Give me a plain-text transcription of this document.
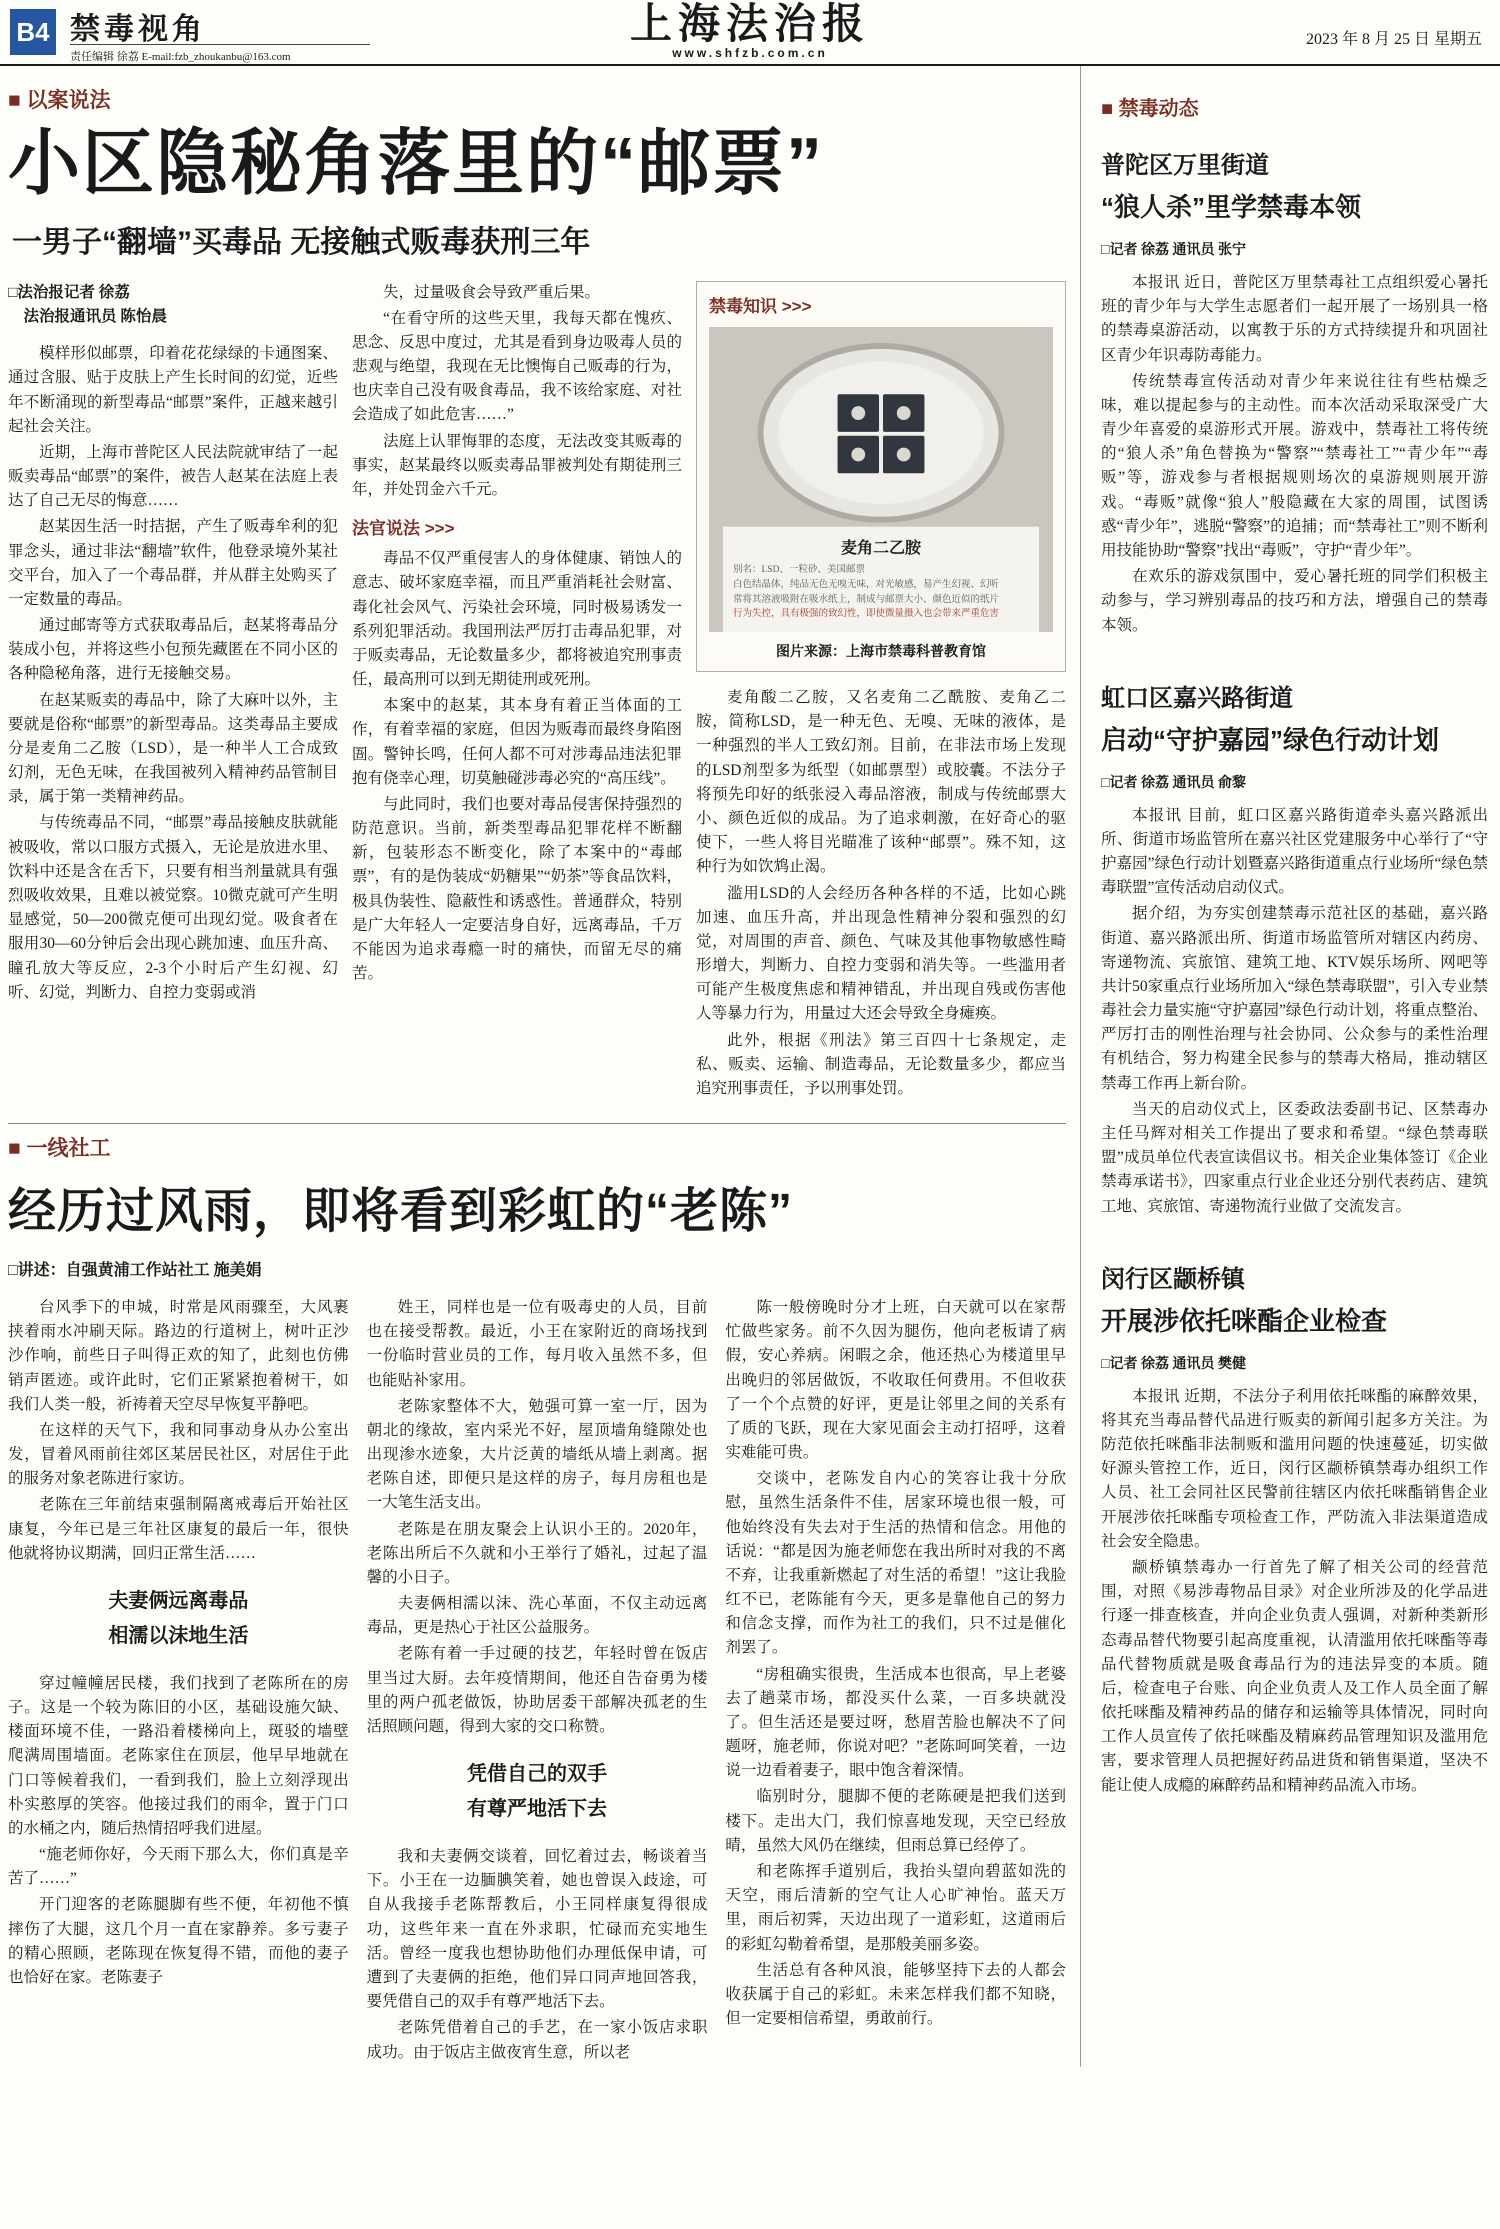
B4 禁毒视角
责任编辑 徐荔 E-mail:fzb_zhoukanbu@163.com
上海法治报
www.shfzb.com.cn
2023 年 8 月 25 日 星期五
■ 以案说法
小区隐秘角落里的“邮票”
一男子“翻墙”买毒品 无接触式贩毒获刑三年
□法治报记者 徐荔
　法治报通讯员 陈怡晨

模样形似邮票，印着花花绿绿的卡通图案、通过含服、贴于皮肤上产生长时间的幻觉，近些年不断涌现的新型毒品“邮票”案件，正越来越引起社会关注。

近期，上海市普陀区人民法院就审结了一起贩卖毒品“邮票”的案件，被告人赵某在法庭上表达了自己无尽的悔意……

赵某因生活一时拮据，产生了贩毒牟利的犯罪念头，通过非法“翻墙”软件，他登录境外某社交平台，加入了一个毒品群，并从群主处购买了一定数量的毒品。

通过邮寄等方式获取毒品后，赵某将毒品分装成小包，并将这些小包预先藏匿在不同小区的各种隐秘角落，进行无接触交易。

在赵某贩卖的毒品中，除了大麻叶以外，主要就是俗称“邮票”的新型毒品。这类毒品主要成分是麦角二乙胺（LSD），是一种半人工合成致幻剂，无色无味，在我国被列入精神药品管制目录，属于第一类精神药品。

与传统毒品不同，“邮票”毒品接触皮肤就能被吸收，常以口服方式摄入，无论是放进水里、饮料中还是含在舌下，只要有相当剂量就具有强烈吸收效果，且难以被觉察。10微克就可产生明显感觉，50—200微克便可出现幻觉。吸食者在服用30—60分钟后会出现心跳加速、血压升高、瞳孔放大等反应，2-3个小时后产生幻视、幻听、幻觉，判断力、自控力变弱或消

失，过量吸食会导致严重后果。

“在看守所的这些天里，我每天都在愧疚、思念、反思中度过，尤其是看到身边吸毒人员的悲观与绝望，我现在无比懊悔自己贩毒的行为，也庆幸自己没有吸食毒品，我不该给家庭、对社会造成了如此危害……”

法庭上认罪悔罪的态度，无法改变其贩毒的事实，赵某最终以贩卖毒品罪被判处有期徒刑三年，并处罚金六千元。

法官说法 >>>

毒品不仅严重侵害人的身体健康、销蚀人的意志、破坏家庭幸福，而且严重消耗社会财富、毒化社会风气、污染社会环境，同时极易诱发一系列犯罪活动。我国刑法严厉打击毒品犯罪，对于贩卖毒品，无论数量多少，都将被追究刑事责任，最高刑可以到无期徒刑或死刑。

本案中的赵某，其本身有着正当体面的工作，有着幸福的家庭，但因为贩毒而最终身陷囹圄。警钟长鸣，任何人都不可对涉毒品违法犯罪抱有侥幸心理，切莫触碰涉毒必究的“高压线”。

与此同时，我们也要对毒品侵害保持强烈的防范意识。当前，新类型毒品犯罪花样不断翻新，包装形态不断变化，除了本案中的“毒邮票”，有的是伪装成“奶糖果”“奶茶”等食品饮料，极具伪装性、隐蔽性和诱惑性。普通群众，特别是广大年轻人一定要洁身自好，远离毒品，千万不能因为追求毒瘾一时的痛快，而留无尽的痛苦。

禁毒知识 >>>
麦角二乙胺
别名：LSD、一粒砂、美国邮票
白色结晶体，纯品无色无嗅无味，对光敏感，易产生幻视、幻听
常将其溶液吸附在吸水纸上，制成与邮票大小、颜色近似的纸片
行为失控，具有极强的致幻性，即使微量摄入也会带来严重危害
图片来源：上海市禁毒科普教育馆

麦角酸二乙胺，又名麦角二乙酰胺、麦角乙二胺，简称LSD，是一种无色、无嗅、无味的液体，是一种强烈的半人工致幻剂。目前，在非法市场上发现的LSD剂型多为纸型（如邮票型）或胶囊。不法分子将预先印好的纸张浸入毒品溶液，制成与传统邮票大小、颜色近似的成品。为了追求刺激，在好奇心的驱使下，一些人将目光瞄准了该种“邮票”。殊不知，这种行为如饮鸩止渴。

滥用LSD的人会经历各种各样的不适，比如心跳加速、血压升高，并出现急性精神分裂和强烈的幻觉，对周围的声音、颜色、气味及其他事物敏感性畸形增大，判断力、自控力变弱和消失等。一些滥用者可能产生极度焦虑和精神错乱，并出现自残或伤害他人等暴力行为，用量过大还会导致全身瘫痪。

此外，根据《刑法》第三百四十七条规定，走私、贩卖、运输、制造毒品，无论数量多少，都应当追究刑事责任，予以刑事处罚。

■ 一线社工
经历过风雨，即将看到彩虹的“老陈”
□讲述：自强黄浦工作站社工 施美娟

台风季下的申城，时常是风雨骤至，大风裹挟着雨水冲刷天际。路边的行道树上，树叶正沙沙作响，前些日子叫得正欢的知了，此刻也仿佛销声匿迹。或许此时，它们正紧紧抱着树干，如我们人类一般，祈祷着天空尽早恢复平静吧。

在这样的天气下，我和同事动身从办公室出发，冒着风雨前往郊区某居民社区，对居住于此的服务对象老陈进行家访。

老陈在三年前结束强制隔离戒毒后开始社区康复，今年已是三年社区康复的最后一年，很快他就将协议期满，回归正常生活……

夫妻俩远离毒品
相濡以沫地生活

穿过幢幢居民楼，我们找到了老陈所在的房子。这是一个较为陈旧的小区，基础设施欠缺、楼面环境不佳，一路沿着楼梯向上，斑驳的墙壁爬满周围墙面。老陈家住在顶层，他早早地就在门口等候着我们，一看到我们，脸上立刻浮现出朴实憨厚的笑容。他接过我们的雨伞，置于门口的水桶之内，随后热情招呼我们进屋。

“施老师你好，今天雨下那么大，你们真是辛苦了……”

开门迎客的老陈腿脚有些不便，年初他不慎摔伤了大腿，这几个月一直在家静养。多亏妻子的精心照顾，老陈现在恢复得不错，而他的妻子也恰好在家。老陈妻子

姓王，同样也是一位有吸毒史的人员，目前也在接受帮教。最近，小王在家附近的商场找到一份临时营业员的工作，每月收入虽然不多，但也能贴补家用。

老陈家整体不大，勉强可算一室一厅，因为朝北的缘故，室内采光不好，屋顶墙角缝隙处也出现渗水迹象，大片泛黄的墙纸从墙上剥离。据老陈自述，即便只是这样的房子，每月房租也是一大笔生活支出。

老陈是在朋友聚会上认识小王的。2020年，老陈出所后不久就和小王举行了婚礼，过起了温馨的小日子。

夫妻俩相濡以沫、洗心革面，不仅主动远离毒品，更是热心于社区公益服务。

老陈有着一手过硬的技艺，年轻时曾在饭店里当过大厨。去年疫情期间，他还自告奋勇为楼里的两户孤老做饭，协助居委干部解决孤老的生活照顾问题，得到大家的交口称赞。

凭借自己的双手
有尊严地活下去

我和夫妻俩交谈着，回忆着过去，畅谈着当下。小王在一边腼腆笑着，她也曾误入歧途，可自从我接手老陈帮教后，小王同样康复得很成功，这些年来一直在外求职，忙碌而充实地生活。曾经一度我也想协助他们办理低保申请，可遭到了夫妻俩的拒绝，他们异口同声地回答我，要凭借自己的双手有尊严地活下去。

老陈凭借着自己的手艺，在一家小饭店求职成功。由于饭店主做夜宵生意，所以老

陈一般傍晚时分才上班，白天就可以在家帮忙做些家务。前不久因为腿伤，他向老板请了病假，安心养病。闲暇之余，他还热心为楼道里早出晚归的邻居做饭，不收取任何费用。不但收获了一个个点赞的好评，更是让邻里之间的关系有了质的飞跃，现在大家见面会主动打招呼，这着实难能可贵。

交谈中，老陈发自内心的笑容让我十分欣慰，虽然生活条件不佳，居家环境也很一般，可他始终没有失去对于生活的热情和信念。用他的话说：“都是因为施老师您在我出所时对我的不离不弃，让我重新燃起了对生活的希望！”这让我脸红不已，老陈能有今天，更多是靠他自己的努力和信念支撑，而作为社工的我们，只不过是催化剂罢了。

“房租确实很贵，生活成本也很高，早上老婆去了趟菜市场，都没买什么菜，一百多块就没了。但生活还是要过呀，愁眉苦脸也解决不了问题呀，施老师，你说对吧？”老陈呵呵笑着，一边说一边看着妻子，眼中饱含着深情。

临别时分，腿脚不便的老陈硬是把我们送到楼下。走出大门，我们惊喜地发现，天空已经放晴，虽然大风仍在继续，但雨总算已经停了。

和老陈挥手道别后，我抬头望向碧蓝如洗的天空，雨后清新的空气让人心旷神怡。蓝天万里，雨后初霁，天边出现了一道彩虹，这道雨后的彩虹勾勒着希望，是那般美丽多姿。

生活总有各种风浪，能够坚持下去的人都会收获属于自己的彩虹。未来怎样我们都不知晓，但一定要相信希望，勇敢前行。

■ 禁毒动态
普陀区万里街道
“狼人杀”里学禁毒本领
□记者 徐荔 通讯员 张宁

本报讯 近日，普陀区万里禁毒社工点组织爱心暑托班的青少年与大学生志愿者们一起开展了一场别具一格的禁毒桌游活动，以寓教于乐的方式持续提升和巩固社区青少年识毒防毒能力。

传统禁毒宣传活动对青少年来说往往有些枯燥乏味，难以提起参与的主动性。而本次活动采取深受广大青少年喜爱的桌游形式开展。游戏中，禁毒社工将传统的“狼人杀”角色替换为“警察”“禁毒社工”“青少年”“毒贩”等，游戏参与者根据规则场次的桌游规则展开游戏。“毒贩”就像“狼人”般隐藏在大家的周围，试图诱惑“青少年”，逃脱“警察”的追捕；而“禁毒社工”则不断利用技能协助“警察”找出“毒贩”，守护“青少年”。

在欢乐的游戏氛围中，爱心暑托班的同学们积极主动参与，学习辨别毒品的技巧和方法，增强自己的禁毒本领。

虹口区嘉兴路街道
启动“守护嘉园”绿色行动计划
□记者 徐荔 通讯员 俞黎

本报讯 目前，虹口区嘉兴路街道牵头嘉兴路派出所、街道市场监管所在嘉兴社区党建服务中心举行了“守护嘉园”绿色行动计划暨嘉兴路街道重点行业场所“绿色禁毒联盟”宣传活动启动仪式。

据介绍，为夯实创建禁毒示范社区的基础，嘉兴路街道、嘉兴路派出所、街道市场监管所对辖区内药房、寄递物流、宾旅馆、建筑工地、KTV娱乐场所、网吧等共计50家重点行业场所加入“绿色禁毒联盟”，引入专业禁毒社会力量实施“守护嘉园”绿色行动计划，将重点整治、严厉打击的刚性治理与社会协同、公众参与的柔性治理有机结合，努力构建全民参与的禁毒大格局，推动辖区禁毒工作再上新台阶。

当天的启动仪式上，区委政法委副书记、区禁毒办主任马辉对相关工作提出了要求和希望。“绿色禁毒联盟”成员单位代表宣读倡议书。相关企业集体签订《企业禁毒承诺书》，四家重点行业企业还分别代表药店、建筑工地、宾旅馆、寄递物流行业做了交流发言。

闵行区颛桥镇
开展涉依托咪酯企业检查
□记者 徐荔 通讯员 樊健

本报讯 近期，不法分子利用依托咪酯的麻醉效果，将其充当毒品替代品进行贩卖的新闻引起多方关注。为防范依托咪酯非法制贩和滥用问题的快速蔓延，切实做好源头管控工作，近日，闵行区颛桥镇禁毒办组织工作人员、社工会同社区民警前往辖区内依托咪酯销售企业开展涉依托咪酯专项检查工作，严防流入非法渠道造成社会安全隐患。

颛桥镇禁毒办一行首先了解了相关公司的经营范围，对照《易涉毒物品目录》对企业所涉及的化学品进行逐一排查核查，并向企业负责人强调，对新种类新形态毒品替代物要引起高度重视，认清滥用依托咪酯等毒品代替物质就是吸食毒品行为的违法异变的本质。随后，检查电子台账、向企业负责人及工作人员全面了解依托咪酯及精神药品的储存和运输等具体情况，同时向工作人员宣传了依托咪酯及精麻药品管理知识及滥用危害，要求管理人员把握好药品进货和销售渠道，坚决不能让使人成瘾的麻醉药品和精神药品流入市场。
